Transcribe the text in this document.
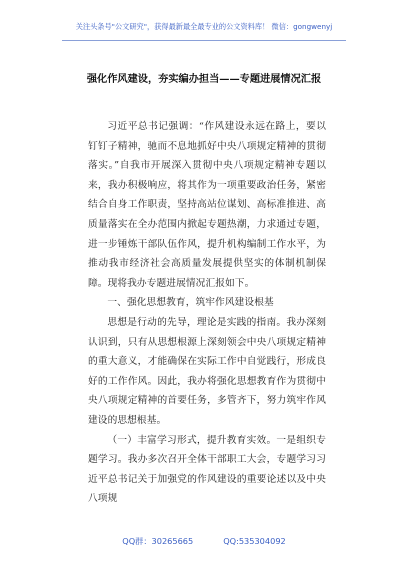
关注头条号"公文研究"，获得最新最全最专业的公文资料库！ 微信：gongwenyj
强化作风建设，夯实编办担当——专题进展情况汇报

习近平总书记强调：“作风建设永远在路上，要以钉钉子精神，驰而不息地抓好中央八项规定精神的贯彻落实。”自我市开展深入贯彻中央八项规定精神专题以来，我办积极响应，将其作为一项重要政治任务，紧密结合自身工作职责，坚持高站位谋划、高标准推进、高质量落实在全办范围内掀起专题热潮，力求通过专题，进一步锤炼干部队伍作风，提升机构编制工作水平，为推动我市经济社会高质量发展提供坚实的体制机制保障。现将我办专题进展情况汇报如下。

一、强化思想教育，筑牢作风建设根基

思想是行动的先导，理论是实践的指南。我办深刻认识到，只有从思想根源上深刻领会中央八项规定精神的重大意义，才能确保在实际工作中自觉践行，形成良好的工作作风。因此，我办将强化思想教育作为贯彻中央八项规定精神的首要任务，多管齐下，努力筑牢作风建设的思想根基。

（一）丰富学习形式，提升教育实效。一是组织专题学习。我办多次召开全体干部职工大会，专题学习习近平总书记关于加强党的作风建设的重要论述以及中央八项规

QQ群：30265665	QQ:535304092
